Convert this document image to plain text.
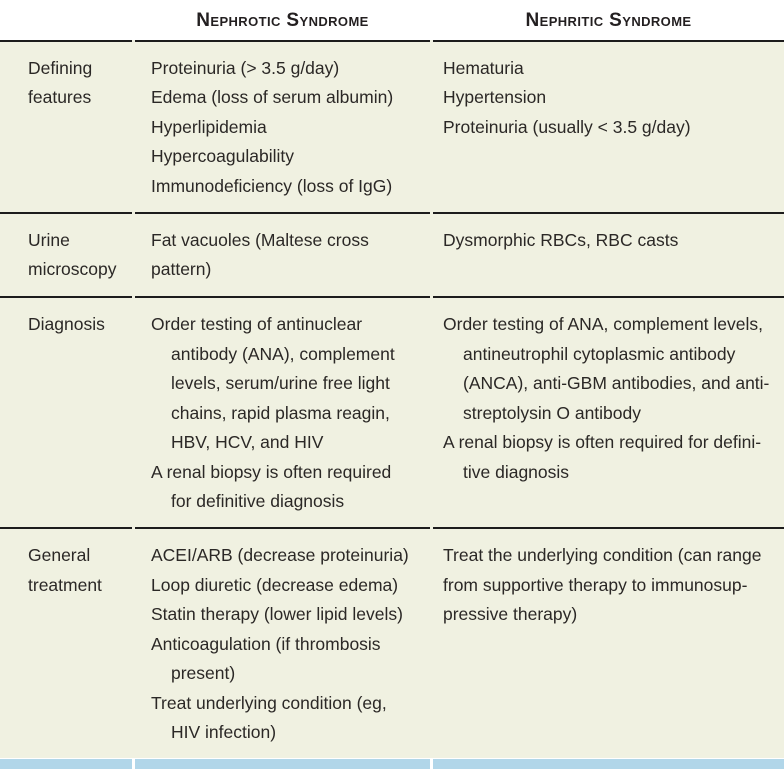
Nephrotic Syndrome	Nephritic Syndrome
Defining
features
Proteinuria (> 3.5 g/day)
Edema (loss of serum albumin)
Hyperlipidemia
Hypercoagulability
Immunodeficiency (loss of IgG)
Hematuria
Hypertension
Proteinuria (usually < 3.5 g/day)
Urine
microscopy
Fat vacuoles (Maltese cross
pattern)
Dysmorphic RBCs, RBC casts
Diagnosis	Order testing of antinuclear
antibody (ANA), complement
levels, serum/urine free light
chains, rapid plasma reagin,
HBV, HCV, and HIV
A renal biopsy is often required
for definitive diagnosis
Order testing of ANA, complement levels,
antineutrophil cytoplasmic antibody
(ANCA), anti-GBM antibodies, and anti-
streptolysin O antibody
A renal biopsy is often required for defini-
tive diagnosis
General
treatment
ACEI/ARB (decrease proteinuria)
Loop diuretic (decrease edema)
Statin therapy (lower lipid levels)
Anticoagulation (if thrombosis
present)
Treat underlying condition (eg,
HIV infection)
Treat the underlying condition (can range
from supportive therapy to immunosup-
pressive therapy)
